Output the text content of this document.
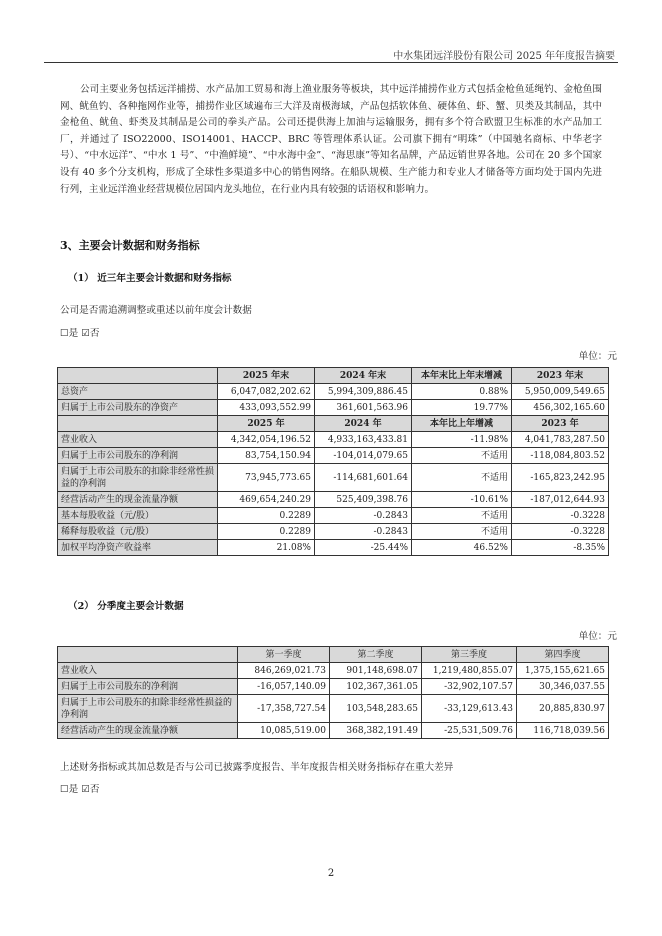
中水集团远洋股份有限公司 2025 年年度报告摘要
公司主要业务包括远洋捕捞、水产品加工贸易和海上渔业服务等板块，其中远洋捕捞作业方式包括金枪鱼延绳钓、金枪鱼围网、鱿鱼钓、各种拖网作业等，捕捞作业区域遍布三大洋及南极海域，产品包括软体鱼、硬体鱼、虾、蟹、贝类及其制品，其中金枪鱼、鱿鱼、虾类及其制品是公司的拳头产品。公司还提供海上加油与运输服务，拥有多个符合欧盟卫生标准的水产品加工厂，并通过了 ISO22000、ISO14001、HACCP、BRC 等管理体系认证。公司旗下拥有“明珠”（中国驰名商标、中华老字号）、“中水远洋”、“中水 1 号”、“中渔鲜境”、“中水海中金”、“海思康”等知名品牌，产品远销世界各地。公司在 20 多个国家设有 40 多个分支机构，形成了全球性多渠道多中心的销售网络。在船队规模、生产能力和专业人才储备等方面均处于国内先进行列，主业远洋渔业经营规模位居国内龙头地位，在行业内具有较强的话语权和影响力。
3、主要会计数据和财务指标
（1） 近三年主要会计数据和财务指标
公司是否需追溯调整或重述以前年度会计数据
☐是 ☑否
单位：元
	2025 年末	2024 年末	本年末比上年末增减	2023 年末
总资产	6,047,082,202.62	5,994,309,886.45	0.88%	5,950,009,549.65
归属于上市公司股东的净资产	433,093,552.99	361,601,563.96	19.77%	456,302,165.60
	2025 年	2024 年	本年比上年增减	2023 年
营业收入	4,342,054,196.52	4,933,163,433.81	-11.98%	4,041,783,287.50
归属于上市公司股东的净利润	83,754,150.94	-104,014,079.65	不适用	-118,084,803.52
归属于上市公司股东的扣除非经常性损益的净利润	73,945,773.65	-114,681,601.64	不适用	-165,823,242.95
经营活动产生的现金流量净额	469,654,240.29	525,409,398.76	-10.61%	-187,012,644.93
基本每股收益（元/股）	0.2289	-0.2843	不适用	-0.3228
稀释每股收益（元/股）	0.2289	-0.2843	不适用	-0.3228
加权平均净资产收益率	21.08%	-25.44%	46.52%	-8.35%
（2） 分季度主要会计数据
单位：元
	第一季度	第二季度	第三季度	第四季度
营业收入	846,269,021.73	901,148,698.07	1,219,480,855.07	1,375,155,621.65
归属于上市公司股东的净利润	-16,057,140.09	102,367,361.05	-32,902,107.57	30,346,037.55
归属于上市公司股东的扣除非经常性损益的净利润	-17,358,727.54	103,548,283.65	-33,129,613.43	20,885,830.97
经营活动产生的现金流量净额	10,085,519.00	368,382,191.49	-25,531,509.76	116,718,039.56
上述财务指标或其加总数是否与公司已披露季度报告、半年度报告相关财务指标存在重大差异
☐是 ☑否
2
